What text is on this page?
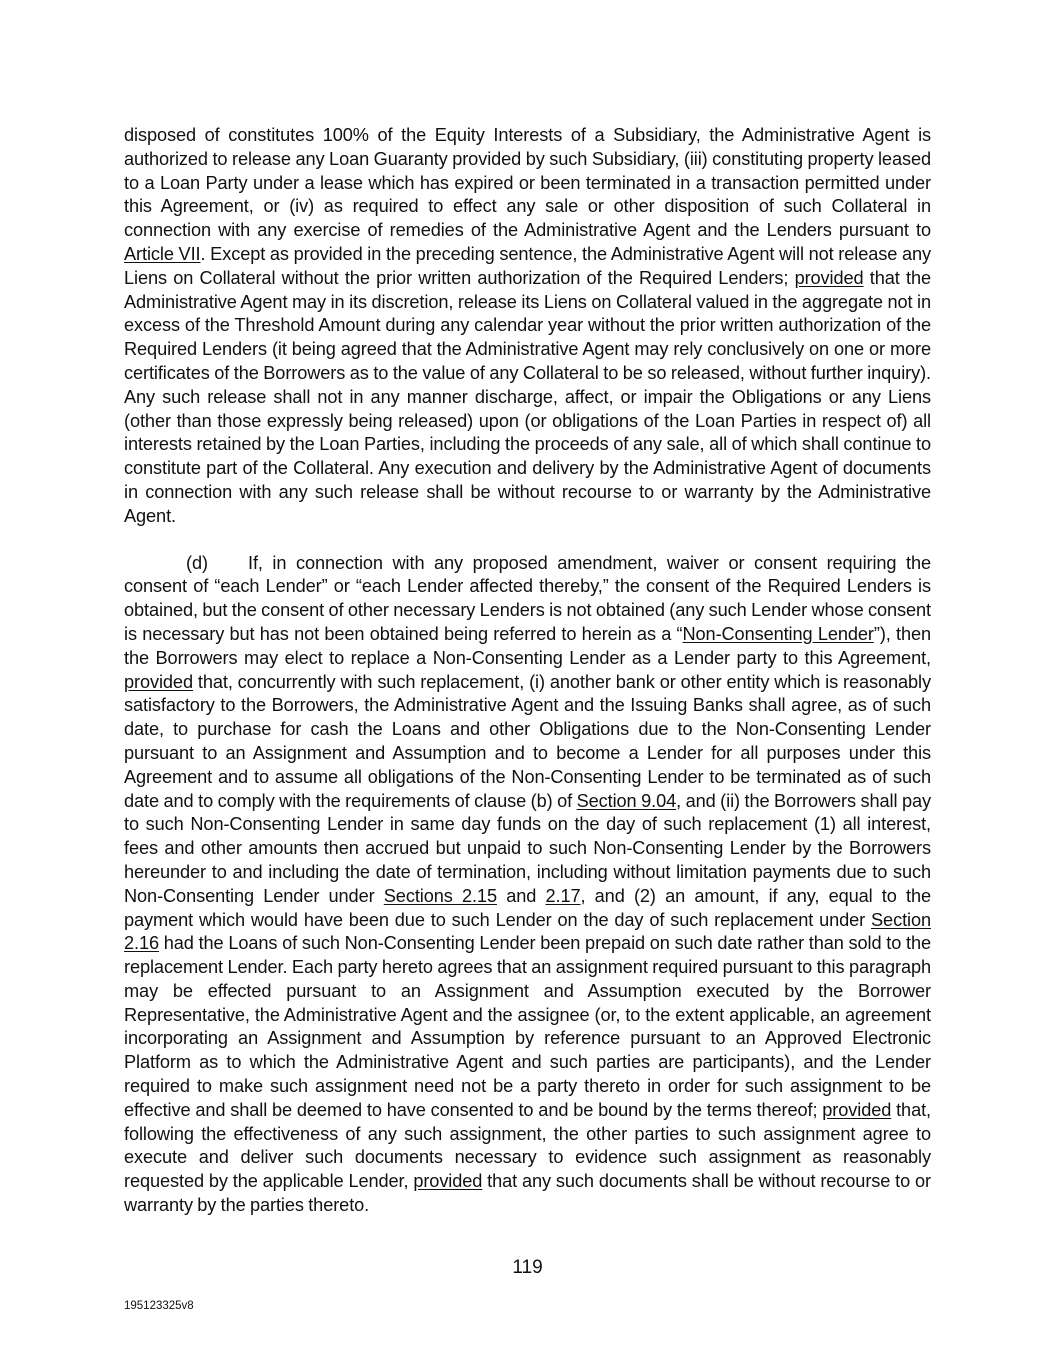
disposed of constitutes 100% of the Equity Interests of a Subsidiary, the Administrative Agent is authorized to release any Loan Guaranty provided by such Subsidiary, (iii) constituting property leased to a Loan Party under a lease which has expired or been terminated in a transaction permitted under this Agreement, or (iv) as required to effect any sale or other disposition of such Collateral in connection with any exercise of remedies of the Administrative Agent and the Lenders pursuant to Article VII. Except as provided in the preceding sentence, the Administrative Agent will not release any Liens on Collateral without the prior written authorization of the Required Lenders; provided that the Administrative Agent may in its discretion, release its Liens on Collateral valued in the aggregate not in excess of the Threshold Amount during any calendar year without the prior written authorization of the Required Lenders (it being agreed that the Administrative Agent may rely conclusively on one or more certificates of the Borrowers as to the value of any Collateral to be so released, without further inquiry). Any such release shall not in any manner discharge, affect, or impair the Obligations or any Liens (other than those expressly being released) upon (or obligations of the Loan Parties in respect of) all interests retained by the Loan Parties, including the proceeds of any sale, all of which shall continue to constitute part of the Collateral. Any execution and delivery by the Administrative Agent of documents in connection with any such release shall be without recourse to or warranty by the Administrative Agent.

(d) If, in connection with any proposed amendment, waiver or consent requiring the consent of “each Lender” or “each Lender affected thereby,” the consent of the Required Lenders is obtained, but the consent of other necessary Lenders is not obtained (any such Lender whose consent is necessary but has not been obtained being referred to herein as a “Non-Consenting Lender”), then the Borrowers may elect to replace a Non-Consenting Lender as a Lender party to this Agreement, provided that, concurrently with such replacement, (i) another bank or other entity which is reasonably satisfactory to the Borrowers, the Administrative Agent and the Issuing Banks shall agree, as of such date, to purchase for cash the Loans and other Obligations due to the Non-Consenting Lender pursuant to an Assignment and Assumption and to become a Lender for all purposes under this Agreement and to assume all obligations of the Non-Consenting Lender to be terminated as of such date and to comply with the requirements of clause (b) of Section 9.04, and (ii) the Borrowers shall pay to such Non-Consenting Lender in same day funds on the day of such replacement (1) all interest, fees and other amounts then accrued but unpaid to such Non-Consenting Lender by the Borrowers hereunder to and including the date of termination, including without limitation payments due to such Non-Consenting Lender under Sections 2.15 and 2.17, and (2) an amount, if any, equal to the payment which would have been due to such Lender on the day of such replacement under Section 2.16 had the Loans of such Non-Consenting Lender been prepaid on such date rather than sold to the replacement Lender. Each party hereto agrees that an assignment required pursuant to this paragraph may be effected pursuant to an Assignment and Assumption executed by the Borrower Representative, the Administrative Agent and the assignee (or, to the extent applicable, an agreement incorporating an Assignment and Assumption by reference pursuant to an Approved Electronic Platform as to which the Administrative Agent and such parties are participants), and the Lender required to make such assignment need not be a party thereto in order for such assignment to be effective and shall be deemed to have consented to and be bound by the terms thereof; provided that, following the effectiveness of any such assignment, the other parties to such assignment agree to execute and deliver such documents necessary to evidence such assignment as reasonably requested by the applicable Lender, provided that any such documents shall be without recourse to or warranty by the parties thereto.

119
195123325v8
